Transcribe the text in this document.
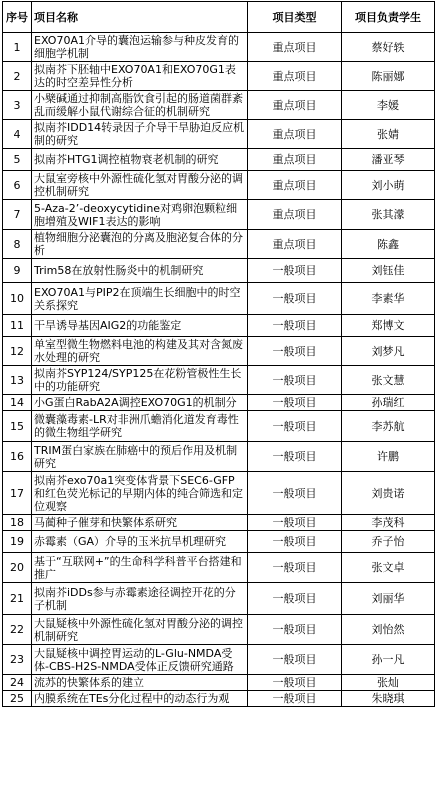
序号	项目名称	项目类型	项目负责学生
1	EXO70A1介导的囊泡运输参与种皮发育的细胞学机制	重点项目	蔡好轶
2	拟南芥下胚轴中EXO70A1和EXO70G1表达的时空差异性分析	重点项目	陈丽娜
3	小檗碱通过抑制高脂饮食引起的肠道菌群紊乱而缓解小鼠代谢综合征的机制研究	重点项目	李媛
4	拟南芥IDD14转录因子介导干旱胁迫反应机制的研究	重点项目	张婧
5	拟南芥HTG1调控植物衰老机制的研究	重点项目	潘亚琴
6	大鼠室旁核中外源性硫化氢对胃酸分泌的调控机制研究	重点项目	刘小萌
7	5-Aza-2’-deoxycytidine对鸡卵泡颗粒细胞增殖及WIF1表达的影响	重点项目	张其濛
8	植物细胞分泌囊泡的分离及胞泌复合体的分析	重点项目	陈鑫
9	Trim58在放射性肠炎中的机制研究	一般项目	刘钰佳
10	EXO70A1与PIP2在顶端生长细胞中的时空关系探究	一般项目	李素华
11	干旱诱导基因AIG2的功能鉴定	一般项目	郑博文
12	单室型微生物燃料电池的构建及其对含氮废水处理的研究	一般项目	刘梦凡
13	拟南芥SYP124/SYP125在花粉管极性生长中的功能研究	一般项目	张文慧
14	小G蛋白RabA2A调控EXO70G1的机制分	一般项目	孙瑞红
15	微囊藻毒素-LR对非洲爪蟾消化道发育毒性的微生物组学研究	一般项目	李苏航
16	TRIM蛋白家族在肺癌中的预后作用及机制研究	一般项目	许鹏
17	拟南芥exo70a1突变体背景下SEC6-GFP和红色荧光标记的早期内体的纯合筛选和定位观察	一般项目	刘贵诺
18	马蔺种子催芽和快繁体系研究	一般项目	李茂科
19	赤霉素（GA）介导的玉米抗旱机理研究	一般项目	乔子怡
20	基于“互联网+”的生命科学科普平台搭建和推广	一般项目	张文卓
21	拟南芥iDDs参与赤霉素途径调控开花的分子机制	一般项目	刘丽华
22	大鼠疑核中外源性硫化氢对胃酸分泌的调控机制研究	一般项目	刘怡然
23	大鼠疑核中调控胃运动的L-Glu-NMDA受体-CBS-H2S-NMDA受体正反馈研究通路	一般项目	孙一凡
24	流苏的快繁体系的建立	一般项目	张灿
25	内膜系统在TEs分化过程中的动态行为观	一般项目	朱晓琪
